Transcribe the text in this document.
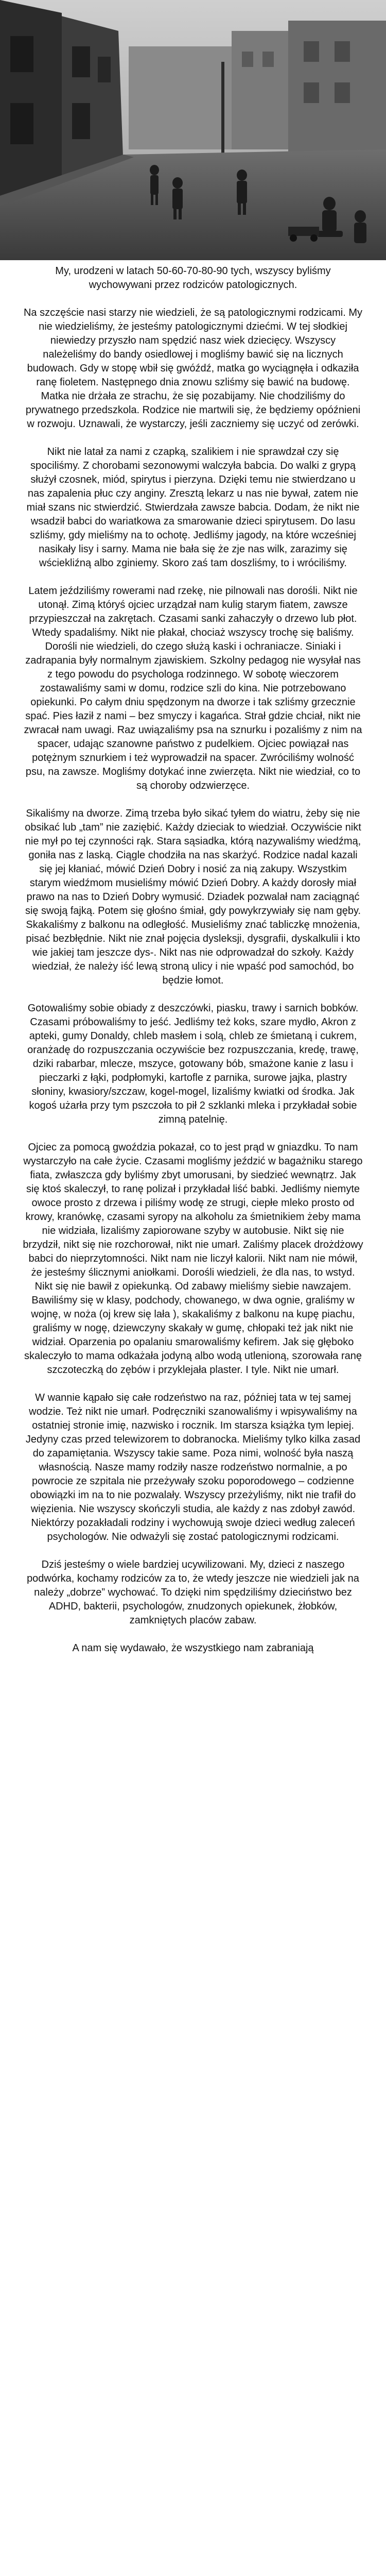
My, urodzeni w latach 50-60-70-80-90 tych, wszyscy byliśmy wychowywani przez rodziców patologicznych.

Na szczęście nasi starzy nie wiedzieli, że są patologicznymi rodzicami. My nie wiedzieliśmy, że jesteśmy patologicznymi dziećmi. W tej słodkiej niewiedzy przyszło nam spędzić nasz wiek dziecięcy. Wszyscy należeliśmy do bandy osiedlowej i mogliśmy bawić się na licznych budowach. Gdy w stopę wbił się gwóźdź, matka go wyciągnęła i odkaziła ranę fioletem. Następnego dnia znowu szliśmy się bawić na budowę. Matka nie drżała ze strachu, że się pozabijamy. Nie chodziliśmy do prywatnego przedszkola. Rodzice nie martwili się, że będziemy opóźnieni w rozwoju. Uznawali, że wystarczy, jeśli zaczniemy się uczyć od zerówki.

Nikt nie latał za nami z czapką, szalikiem i nie sprawdzał czy się spociliśmy. Z chorobami sezonowymi walczyła babcia. Do walki z grypą służył czosnek, miód, spirytus i pierzyna. Dzięki temu nie stwierdzano u nas zapalenia płuc czy anginy. Zresztą lekarz u nas nie bywał, zatem nie miał szans nic stwierdzić. Stwierdzała zawsze babcia. Dodam, że nikt nie wsadził babci do wariatkowa za smarowanie dzieci spirytusem. Do lasu szliśmy, gdy mieliśmy na to ochotę. Jedliśmy jagody, na które wcześniej nasikały lisy i sarny. Mama nie bała się że zje nas wilk, zarazimy się wściekliźną albo zginiemy. Skoro zaś tam doszliśmy, to i wróciliśmy.

Latem jeździliśmy rowerami nad rzekę, nie pilnowali nas dorośli. Nikt nie utonął. Zimą któryś ojciec urządzał nam kulig starym fiatem, zawsze przypieszczał na zakrętach. Czasami sanki zahaczyły o drzewo lub płot. Wtedy spadaliśmy. Nikt nie płakał, chociaż wszyscy trochę się baliśmy. Dorośli nie wiedzieli, do czego służą kaski i ochraniacze. Siniaki i zadrapania były normalnym zjawiskiem. Szkolny pedagog nie wysyłał nas z tego powodu do psychologa rodzinnego. W sobotę wieczorem zostawaliśmy sami w domu, rodzice szli do kina. Nie potrzebowano opiekunki. Po całym dniu spędzonym na dworze i tak szliśmy grzecznie spać. Pies łaził z nami – bez smyczy i kagańca. Strał gdzie chciał, nikt nie zwracał nam uwagi. Raz uwiązaliśmy psa na sznurku i pozaliśmy z nim na spacer, udając szanowne państwo z pudelkiem. Ojciec powiązał nas potężnym sznurkiem i też wyprowadził na spacer. Zwróciliśmy wolność psu, na zawsze. Mogliśmy dotykać inne zwierzęta. Nikt nie wiedział, co to są choroby odzwierzęce.

Sikaliśmy na dworze. Zimą trzeba było sikać tyłem do wiatru, żeby się nie obsikać lub „tam” nie zaziębić. Każdy dzieciak to wiedział. Oczywiście nikt nie mył po tej czynności rąk. Stara sąsiadka, którą nazywaliśmy wiedźmą, goniła nas z laską. Ciągle chodziła na nas skarżyć. Rodzice nadal kazali się jej kłaniać, mówić Dzień Dobry i nosić za nią zakupy. Wszystkim starym wiedźmom musieliśmy mówić Dzień Dobry. A każdy dorosły miał prawo na nas to Dzień Dobry wymusić. Dziadek pozwalał nam zaciągnąć się swoją fajką. Potem się głośno śmiał, gdy powykrzywiały się nam gęby. Skakaliśmy z balkonu na odległość. Musieliśmy znać tabliczkę mnożenia, pisać bezbłędnie. Nikt nie znał pojęcia dysleksji, dysgrafii, dyskalkulii i kto wie jakiej tam jeszcze dys-. Nikt nas nie odprowadzał do szkoły. Każdy wiedział, że należy iść lewą stroną ulicy i nie wpaść pod samochód, bo będzie łomot.

Gotowaliśmy sobie obiady z deszczówki, piasku, trawy i sarnich bobków. Czasami próbowaliśmy to jeść. Jedliśmy też koks, szare mydło, Akron z apteki, gumy Donaldy, chleb masłem i solą, chleb ze śmietaną i cukrem, oranżadę do rozpuszczania oczywiście bez rozpuszczania, kredę, trawę, dziki rabarbar, mlecze, mszyce, gotowany bób, smażone kanie z lasu i pieczarki z łąki, podpłomyki, kartofle z parnika, surowe jajka, plastry słoniny, kwasiory/szczaw, kogel-mogel, lizaliśmy kwiatki od środka. Jak kogoś użarła przy tym pszczoła to pił 2 szklanki mleka i przykładał sobie zimną patelnię.

Ojciec za pomocą gwoździa pokazał, co to jest prąd w gniazdku. To nam wystarczyło na całe życie. Czasami mogliśmy jeździć w bagażniku starego fiata, zwłaszcza gdy byliśmy zbyt umorusani, by siedzieć wewnątrz. Jak się ktoś skaleczył, to ranę polizał i przykładał liść babki. Jedliśmy niemyte owoce prosto z drzewa i piliśmy wodę ze strugi, ciepłe mleko prosto od krowy, kranówkę, czasami syropy na alkoholu za śmietnikiem żeby mama nie widziała, lizaliśmy zapiorowane szyby w autobusie. Nikt się nie brzydził, nikt się nie rozchorował, nikt nie umarł. Zaliśmy placek drożdżowy babci do nieprzytomności. Nikt nam nie liczył kalorii. Nikt nam nie mówił, że jesteśmy ślicznymi aniołkami. Dorośli wiedzieli, że dla nas, to wstyd. Nikt się nie bawił z opiekunką. Od zabawy mieliśmy siebie nawzajem. Bawiliśmy się w klasy, podchody, chowanego, w dwa ognie, graliśmy w wojnę, w noża (oj krew się lała ), skakaliśmy z balkonu na kupę piachu, graliśmy w nogę, dziewczyny skakały w gumę, chłopaki też jak nikt nie widział. Oparzenia po opalaniu smarowaliśmy kefirem. Jak się głęboko skaleczyło to mama odkażała jodyną albo wodą utlenioną, szorowała ranę szczoteczką do zębów i przyklejała plaster. I tyle. Nikt nie umarł.

W wannie kąpało się całe rodzeństwo na raz, później tata w tej samej wodzie. Też nikt nie umarł. Podręczniki szanowaliśmy i wpisywaliśmy na ostatniej stronie imię, nazwisko i rocznik. Im starsza książka tym lepiej. Jedyny czas przed telewizorem to dobranocka. Mieliśmy tylko kilka zasad do zapamiętania. Wszyscy takie same. Poza nimi, wolność była naszą własnością. Nasze mamy rodziły nasze rodzeństwo normalnie, a po powrocie ze szpitala nie przeżywały szoku poporodowego – codzienne obowiązki im na to nie pozwalały. Wszyscy przeżyliśmy, nikt nie trafił do więzienia. Nie wszyscy skończyli studia, ale każdy z nas zdobył zawód. Niektórzy pozakładali rodziny i wychowują swoje dzieci według zaleceń psychologów. Nie odważyli się zostać patologicznymi rodzicami.

Dziś jesteśmy o wiele bardziej ucywilizowani. My, dzieci z naszego podwórka, kochamy rodziców za to, że wtedy jeszcze nie wiedzieli jak na należy „dobrze” wychować. To dzięki nim spędziliśmy dzieciństwo bez ADHD, bakterii, psychologów, znudzonych opiekunek, żłobków, zamkniętych placów zabaw.

A nam się wydawało, że wszystkiego nam zabraniają
